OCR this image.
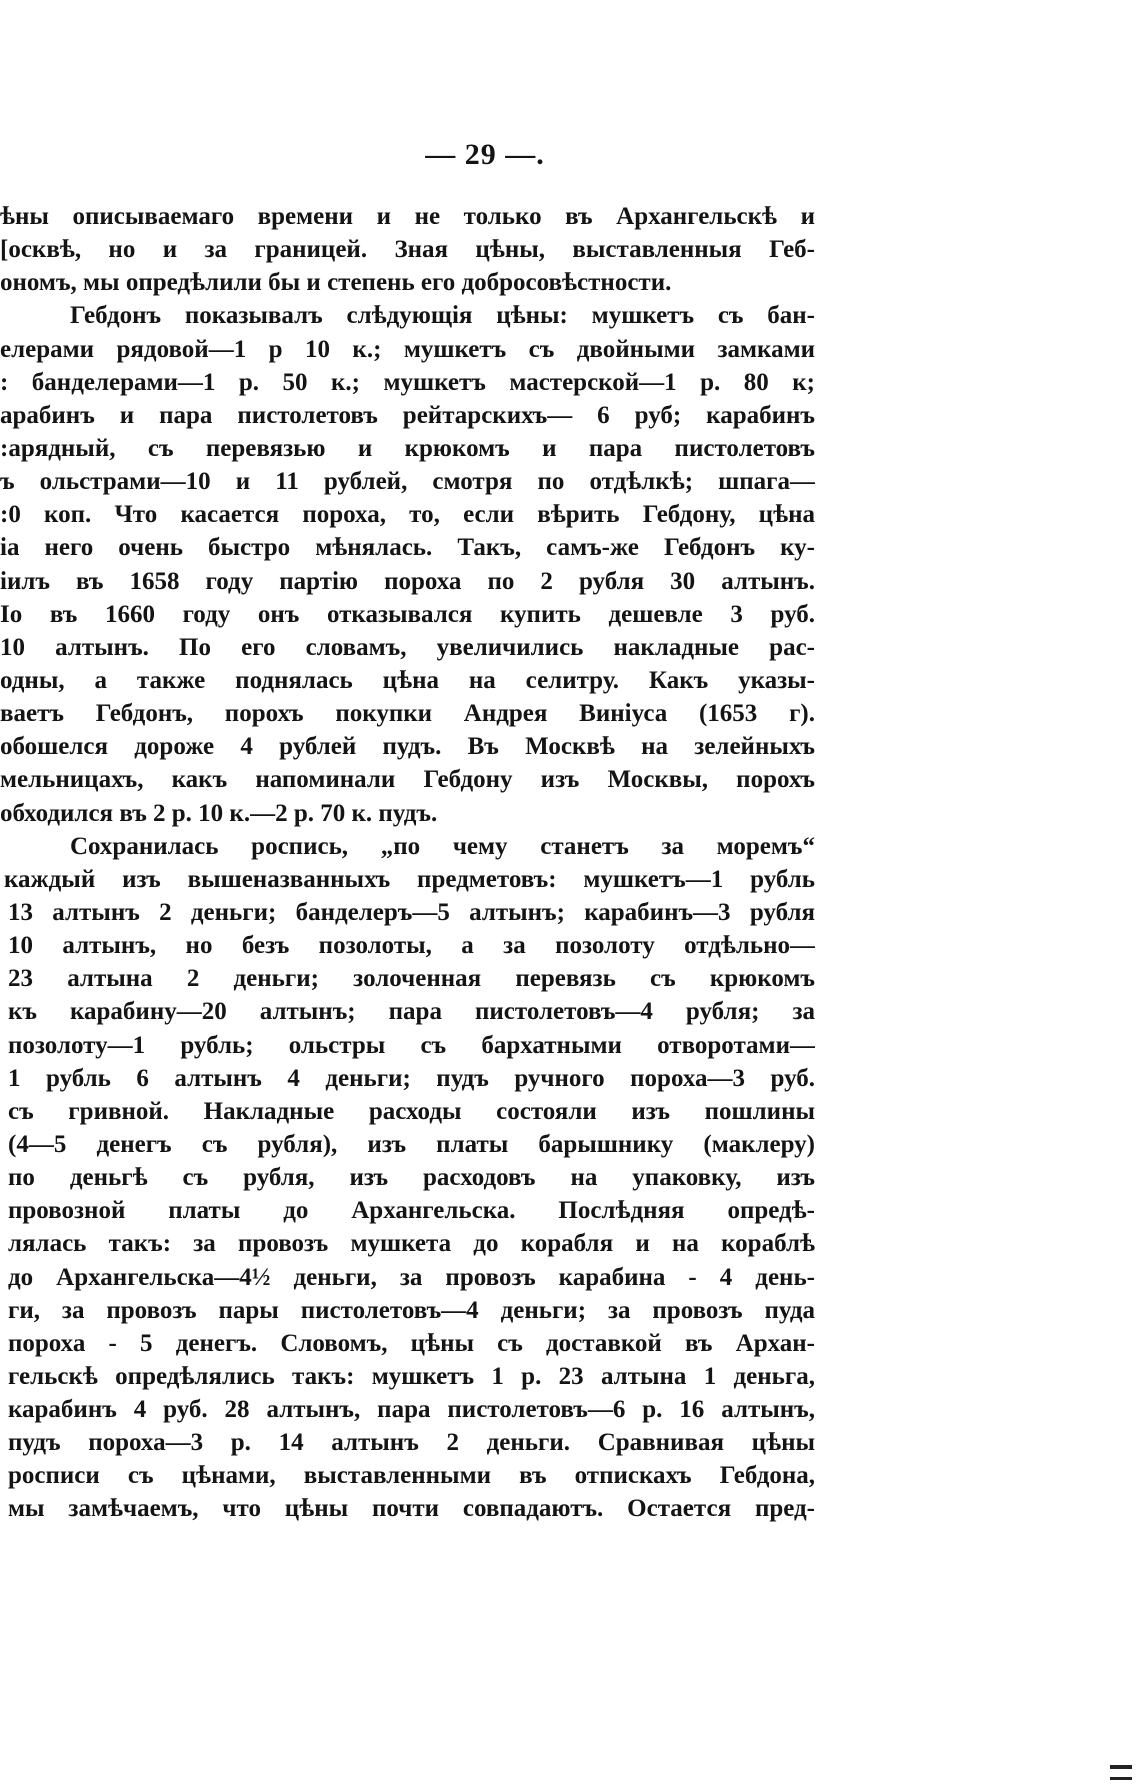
— 29 —.
ѣны описываемаго времени и не только въ Архангельскѣ и
[осквѣ, но и за границей. Зная цѣны, выставленныя Геб-
ономъ, мы опредѣлили бы и степень его добросовѣстности.
Гебдонъ показывалъ слѣдующія цѣны: мушкетъ съ бан-
елерами рядовой—1 р 10 к.; мушкетъ съ двойными замками
: банделерами—1 р. 50 к.; мушкетъ мастерской—1 р. 80 к;
арабинъ и пара пистолетовъ рейтарскихъ— 6 руб; карабинъ
:арядный, съ перевязью и крюкомъ и пара пистолетовъ
ъ ольстрами—10 и 11 рублей, смотря по отдѣлкѣ; шпага—
:0 коп. Что касается пороха, то, если вѣрить Гебдону, цѣна
іа него очень быстро мѣнялась. Такъ, самъ-же Гебдонъ ку-
іилъ въ 1658 году партію пороха по 2 рубля 30 алтынъ.
Іо въ 1660 году онъ отказывался купить дешевле 3 руб.
10 алтынъ. По его словамъ, увеличились накладные рас-
одны, а также поднялась цѣна на селитру. Какъ указы-
ваетъ Гебдонъ, порохъ покупки Андрея Виніуса (1653 г).
обошелся дороже 4 рублей пудъ. Въ Москвѣ на зелейныхъ
мельницахъ, какъ напоминали Гебдону изъ Москвы, порохъ
обходился въ 2 р. 10 к.—2 р. 70 к. пудъ.
Сохранилась роспись, „по чему станетъ за моремъ“
каждый изъ вышеназванныхъ предметовъ: мушкетъ—1 рубль
13 алтынъ 2 деньги; банделеръ—5 алтынъ; карабинъ—3 рубля
10 алтынъ, но безъ позолоты, а за позолоту отдѣльно—
23 алтына 2 деньги; золоченная перевязь съ крюкомъ
къ карабину—20 алтынъ; пара пистолетовъ—4 рубля; за
позолоту—1 рубль; ольстры съ бархатными отворотами—
1 рубль 6 алтынъ 4 деньги; пудъ ручного пороха—3 руб.
съ гривной. Накладные расходы состояли изъ пошлины
(4—5 денегъ съ рубля), изъ платы барышнику (маклеру)
по деньгѣ съ рубля, изъ расходовъ на упаковку, изъ
провозной платы до Архангельска. Послѣдняя опредѣ-
лялась такъ: за провозъ мушкета до корабля и на кораблѣ
до Архангельска—4½ деньги, за провозъ карабина - 4 день-
ги, за провозъ пары пистолетовъ—4 деньги; за провозъ пуда
пороха - 5 денегъ. Словомъ, цѣны съ доставкой въ Архан-
гельскѣ опредѣлялись такъ: мушкетъ 1 р. 23 алтына 1 деньга,
карабинъ 4 руб. 28 алтынъ, пара пистолетовъ—6 р. 16 алтынъ,
пудъ пороха—3 р. 14 алтынъ 2 деньги. Сравнивая цѣны
росписи съ цѣнами, выставленными въ отпискахъ Гебдона,
мы замѣчаемъ, что цѣны почти совпадаютъ. Остается пред-
